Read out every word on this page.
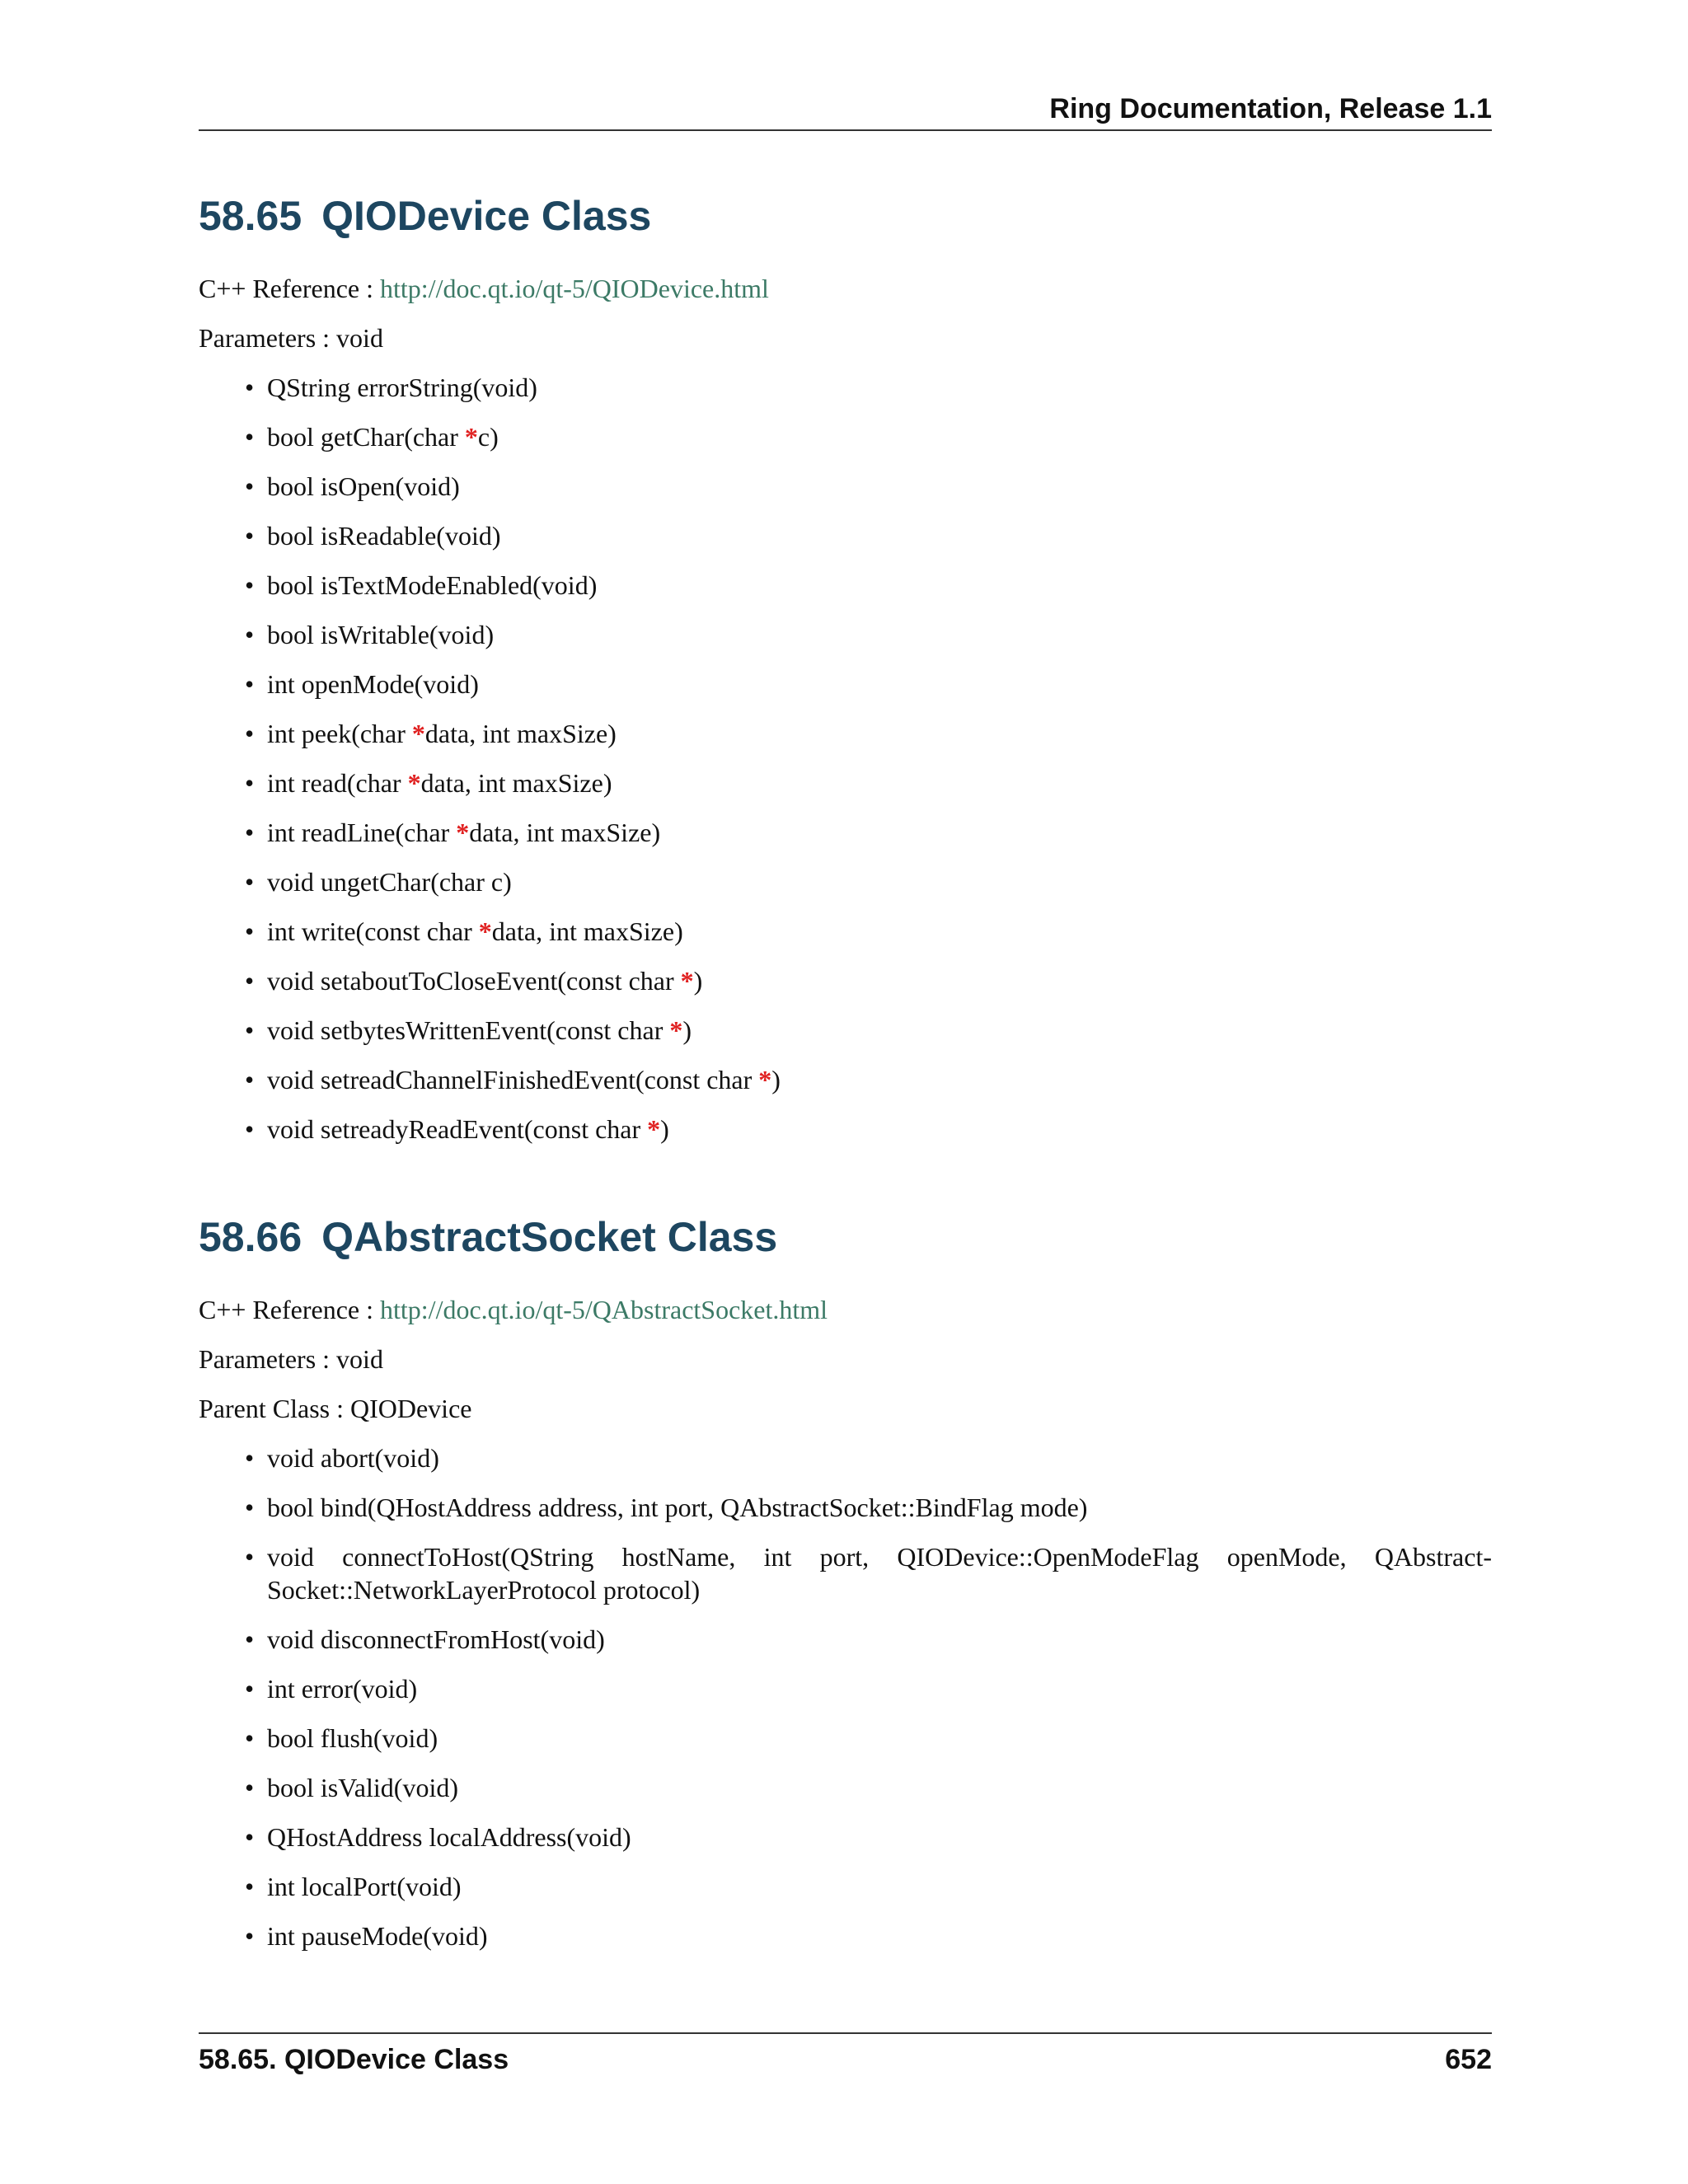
Ring Documentation, Release 1.1
58.65 QIODevice Class

C++ Reference : http://doc.qt.io/qt-5/QIODevice.html

Parameters : void

• QString errorString(void)
• bool getChar(char *c)
• bool isOpen(void)
• bool isReadable(void)
• bool isTextModeEnabled(void)
• bool isWritable(void)
• int openMode(void)
• int peek(char *data, int maxSize)
• int read(char *data, int maxSize)
• int readLine(char *data, int maxSize)
• void ungetChar(char c)
• int write(const char *data, int maxSize)
• void setaboutToCloseEvent(const char *)
• void setbytesWrittenEvent(const char *)
• void setreadChannelFinishedEvent(const char *)
• void setreadyReadEvent(const char *)
58.66 QAbstractSocket Class

C++ Reference : http://doc.qt.io/qt-5/QAbstractSocket.html

Parameters : void

Parent Class : QIODevice

• void abort(void)
• bool bind(QHostAddress address, int port, QAbstractSocket::BindFlag mode)
• void connectToHost(QString hostName, int port, QIODevice::OpenModeFlag openMode, QAbstract-Socket::NetworkLayerProtocol protocol)
• void disconnectFromHost(void)
• int error(void)
• bool flush(void)
• bool isValid(void)
• QHostAddress localAddress(void)
• int localPort(void)
• int pauseMode(void)
58.65. QIODevice Class	652
